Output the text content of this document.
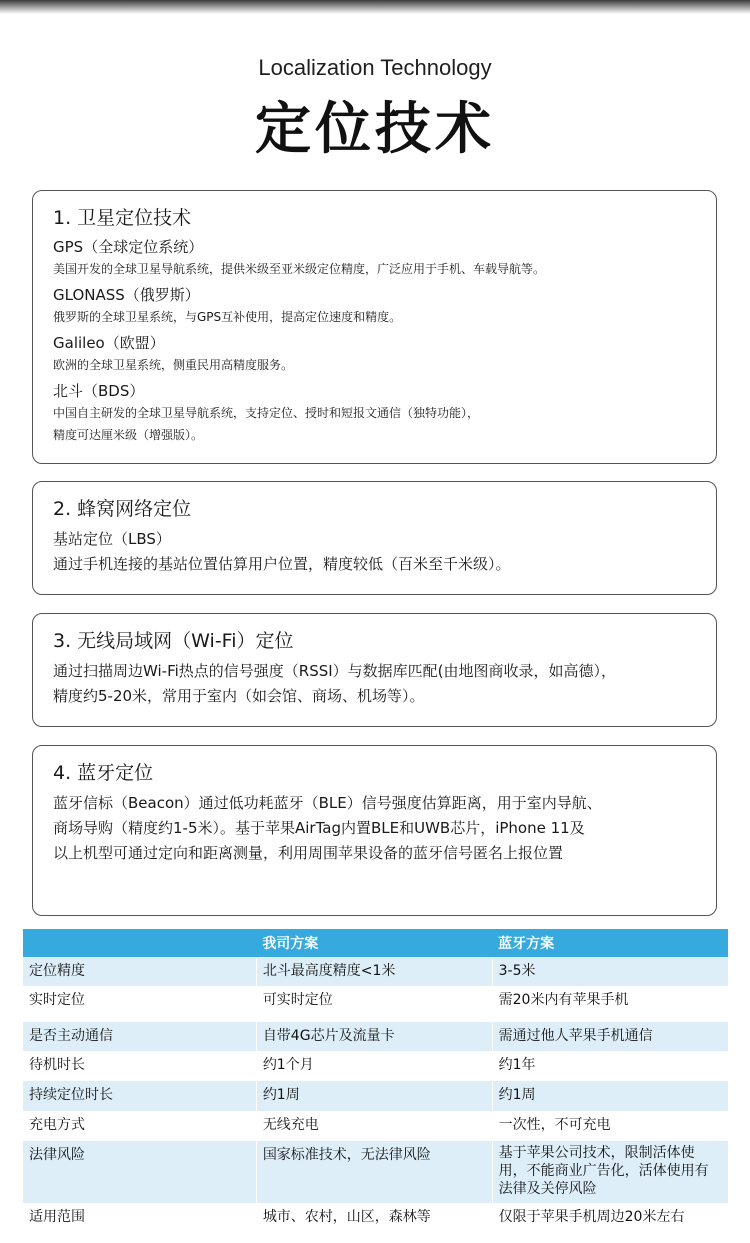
Localization Technology
定位技术
1. 卫星定位技术
GPS（全球定位系统）
美国开发的全球卫星导航系统，提供米级至亚米级定位精度，广泛应用于手机、车载导航等。
GLONASS（俄罗斯）
俄罗斯的全球卫星系统，与GPS互补使用，提高定位速度和精度。
Galileo（欧盟）
欧洲的全球卫星系统，侧重民用高精度服务。
北斗（BDS）
中国自主研发的全球卫星导航系统，支持定位、授时和短报文通信（独特功能），
精度可达厘米级（增强版）。
2. 蜂窝网络定位
基站定位（LBS）
通过手机连接的基站位置估算用户位置，精度较低（百米至千米级）。
3. 无线局域网（Wi-Fi）定位
通过扫描周边Wi-Fi热点的信号强度（RSSI）与数据库匹配(由地图商收录，如高德），
精度约5-20米，常用于室内（如会馆、商场、机场等）。
4. 蓝牙定位
蓝牙信标（Beacon）通过低功耗蓝牙（BLE）信号强度估算距离，用于室内导航、
商场导购（精度约1-5米）。基于苹果AirTag内置BLE和UWB芯片，iPhone 11及
以上机型可通过定向和距离测量，利用周围苹果设备的蓝牙信号匿名上报位置
	我司方案	蓝牙方案
定位精度	北斗最高度精度<1米	3-5米
实时定位	可实时定位	需20米内有苹果手机
是否主动通信	自带4G芯片及流量卡	需通过他人苹果手机通信
待机时长	约1个月	约1年
持续定位时长	约1周	约1周
充电方式	无线充电	一次性，不可充电
法律风险	国家标准技术，无法律风险	基于苹果公司技术，限制活体使用，不能商业广告化，活体使用有法律及关停风险
适用范围	城市、农村，山区，森林等	仅限于苹果手机周边20米左右
